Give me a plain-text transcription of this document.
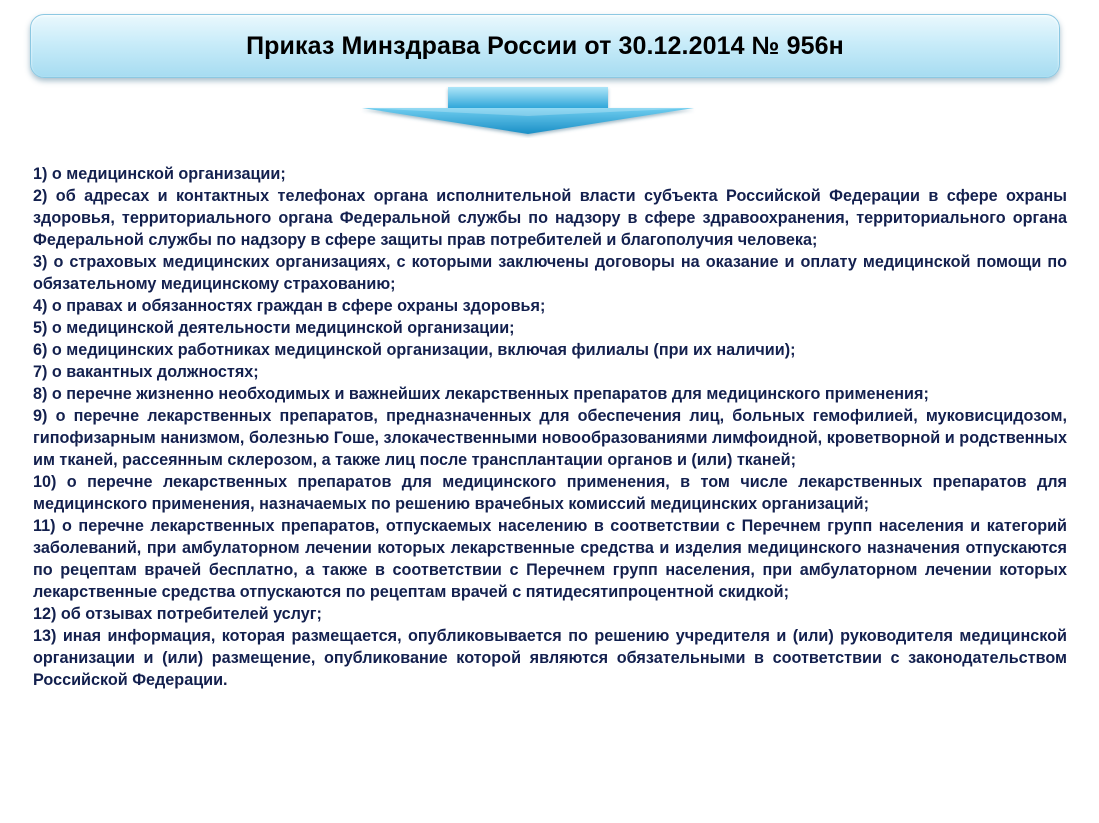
Приказ Минздрава России от 30.12.2014 № 956н

1) о медицинской организации;

2) об адресах и контактных телефонах органа исполнительной власти субъекта Российской Федерации в сфере охраны здоровья, территориального органа Федеральной службы по надзору в сфере здравоохранения, территориального органа Федеральной службы по надзору в сфере защиты прав потребителей и благополучия человека;

3) о страховых медицинских организациях, с которыми заключены договоры на оказание и оплату медицинской помощи по обязательному медицинскому страхованию;

4) о правах и обязанностях граждан в сфере охраны здоровья;

5) о медицинской деятельности медицинской организации;

6) о медицинских работниках медицинской организации, включая филиалы (при их наличии);

7) о вакантных должностях;

8) о перечне жизненно необходимых и важнейших лекарственных препаратов для медицинского применения;

9) о перечне лекарственных препаратов, предназначенных для обеспечения лиц, больных гемофилией, муковисцидозом, гипофизарным нанизмом, болезнью Гоше, злокачественными новообразованиями лимфоидной, кроветворной и родственных им тканей, рассеянным склерозом, а также лиц после трансплантации органов и (или) тканей;

10) о перечне лекарственных препаратов для медицинского применения, в том числе лекарственных препаратов для медицинского применения, назначаемых по решению врачебных комиссий медицинских организаций;

11) о перечне лекарственных препаратов, отпускаемых населению в соответствии с Перечнем групп населения и категорий заболеваний, при амбулаторном лечении которых лекарственные средства и изделия медицинского назначения отпускаются по рецептам врачей бесплатно, а также в соответствии с Перечнем групп населения, при амбулаторном лечении которых лекарственные средства отпускаются по рецептам врачей с пятидесятипроцентной скидкой;

12) об отзывах потребителей услуг;

13) иная информация, которая размещается, опубликовывается по решению учредителя и (или) руководителя медицинской организации и (или) размещение, опубликование которой являются обязательными в соответствии с законодательством Российской Федерации.
